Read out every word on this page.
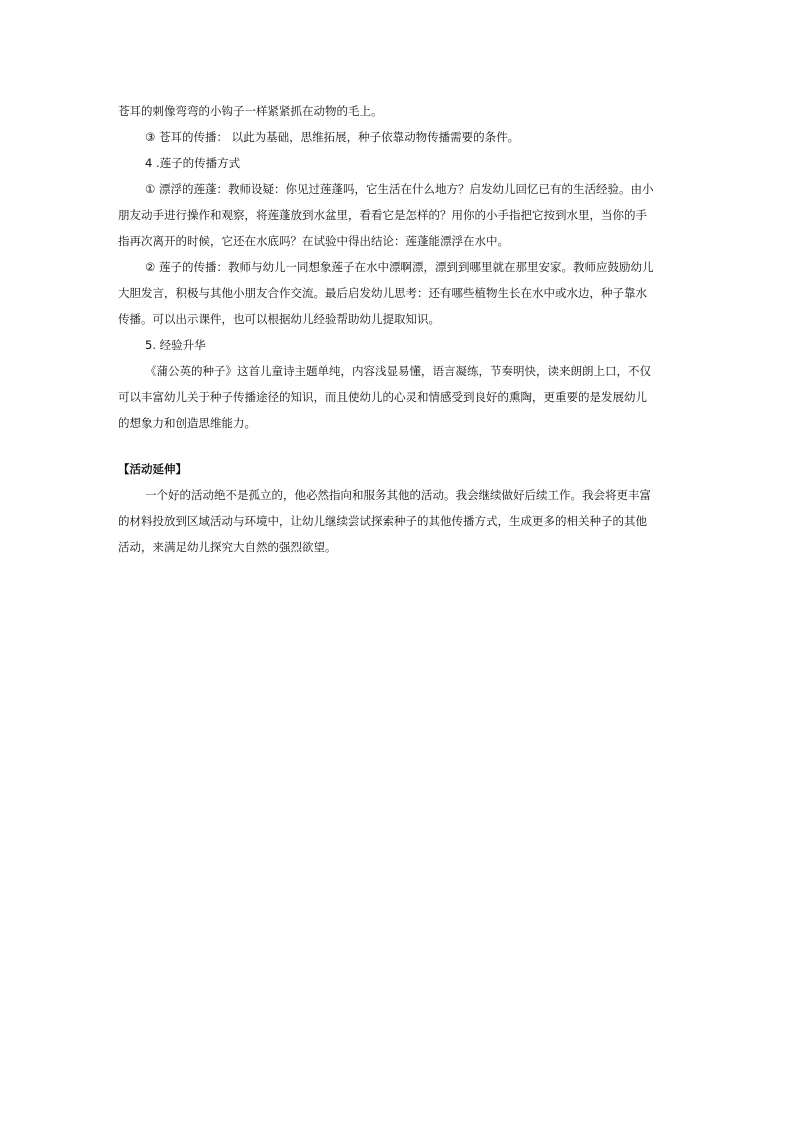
苍耳的刺像弯弯的小钩子一样紧紧抓在动物的毛上。
③ 苍耳的传播： 以此为基础，思维拓展，种子依靠动物传播需要的条件。
4 .莲子的传播方式
① 漂浮的莲蓬：教师设疑：你见过莲蓬吗，它生活在什么地方？启发幼儿回忆已有的生活经验。由小
朋友动手进行操作和观察，将莲蓬放到水盆里，看看它是怎样的？用你的小手指把它按到水里，当你的手
指再次离开的时候，它还在水底吗？在试验中得出结论：莲蓬能漂浮在水中。
② 莲子的传播：教师与幼儿一同想象莲子在水中漂啊漂，漂到到哪里就在那里安家。教师应鼓励幼儿
大胆发言，积极与其他小朋友合作交流。最后启发幼儿思考：还有哪些植物生长在水中或水边，种子靠水
传播。可以出示课件，也可以根据幼儿经验帮助幼儿提取知识。
5. 经验升华
《蒲公英的种子》这首儿童诗主题单纯，内容浅显易懂，语言凝练，节奏明快，读来朗朗上口，不仅
可以丰富幼儿关于种子传播途径的知识，而且使幼儿的心灵和情感受到良好的熏陶，更重要的是发展幼儿
的想象力和创造思维能力。
【活动延伸】
一个好的活动绝不是孤立的，他必然指向和服务其他的活动。我会继续做好后续工作。我会将更丰富
的材料投放到区域活动与环境中，让幼儿继续尝试探索种子的其他传播方式，生成更多的相关种子的其他
活动，来满足幼儿探究大自然的强烈欲望。
